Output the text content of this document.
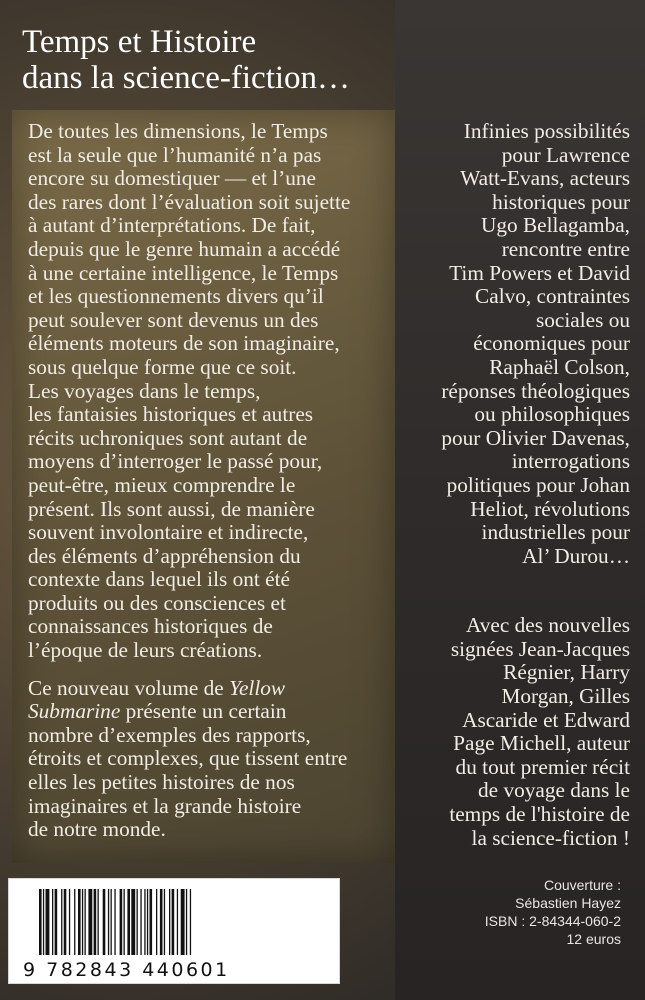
Temps et Histoire
dans la science-fiction…

De toutes les dimensions, le Temps
est la seule que l’humanité n’a pas
encore su domestiquer — et l’une
des rares dont l’évaluation soit sujette
à autant d’interprétations. De fait,
depuis que le genre humain a accédé
à une certaine intelligence, le Temps
et les questionnements divers qu’il
peut soulever sont devenus un des
éléments moteurs de son imaginaire,
sous quelque forme que ce soit.
Les voyages dans le temps,
les fantaisies historiques et autres
récits uchroniques sont autant de
moyens d’interroger le passé pour,
peut-être, mieux comprendre le
présent. Ils sont aussi, de manière
souvent involontaire et indirecte,
des éléments d’appréhension du
contexte dans lequel ils ont été
produits ou des consciences et
connaissances historiques de
l’époque de leurs créations.

Ce nouveau volume de Yellow
Submarine présente un certain
nombre d’exemples des rapports,
étroits et complexes, que tissent entre
elles les petites histoires de nos
imaginaires et la grande histoire
de notre monde.

Infinies possibilités
pour Lawrence
Watt-Evans, acteurs
historiques pour
Ugo Bellagamba,
rencontre entre
Tim Powers et David
Calvo, contraintes
sociales ou
économiques pour
Raphaël Colson,
réponses théologiques
ou philosophiques
pour Olivier Davenas,
interrogations
politiques pour Johan
Heliot, révolutions
industrielles pour
Al’ Durou…

Avec des nouvelles
signées Jean-Jacques
Régnier, Harry
Morgan, Gilles
Ascaride et Edward
Page Michell, auteur
du tout premier récit
de voyage dans le
temps de l'histoire de
la science-fiction !

9 782843 440601
Couverture :
Sébastien Hayez
ISBN : 2-84344-060-2
12 euros
